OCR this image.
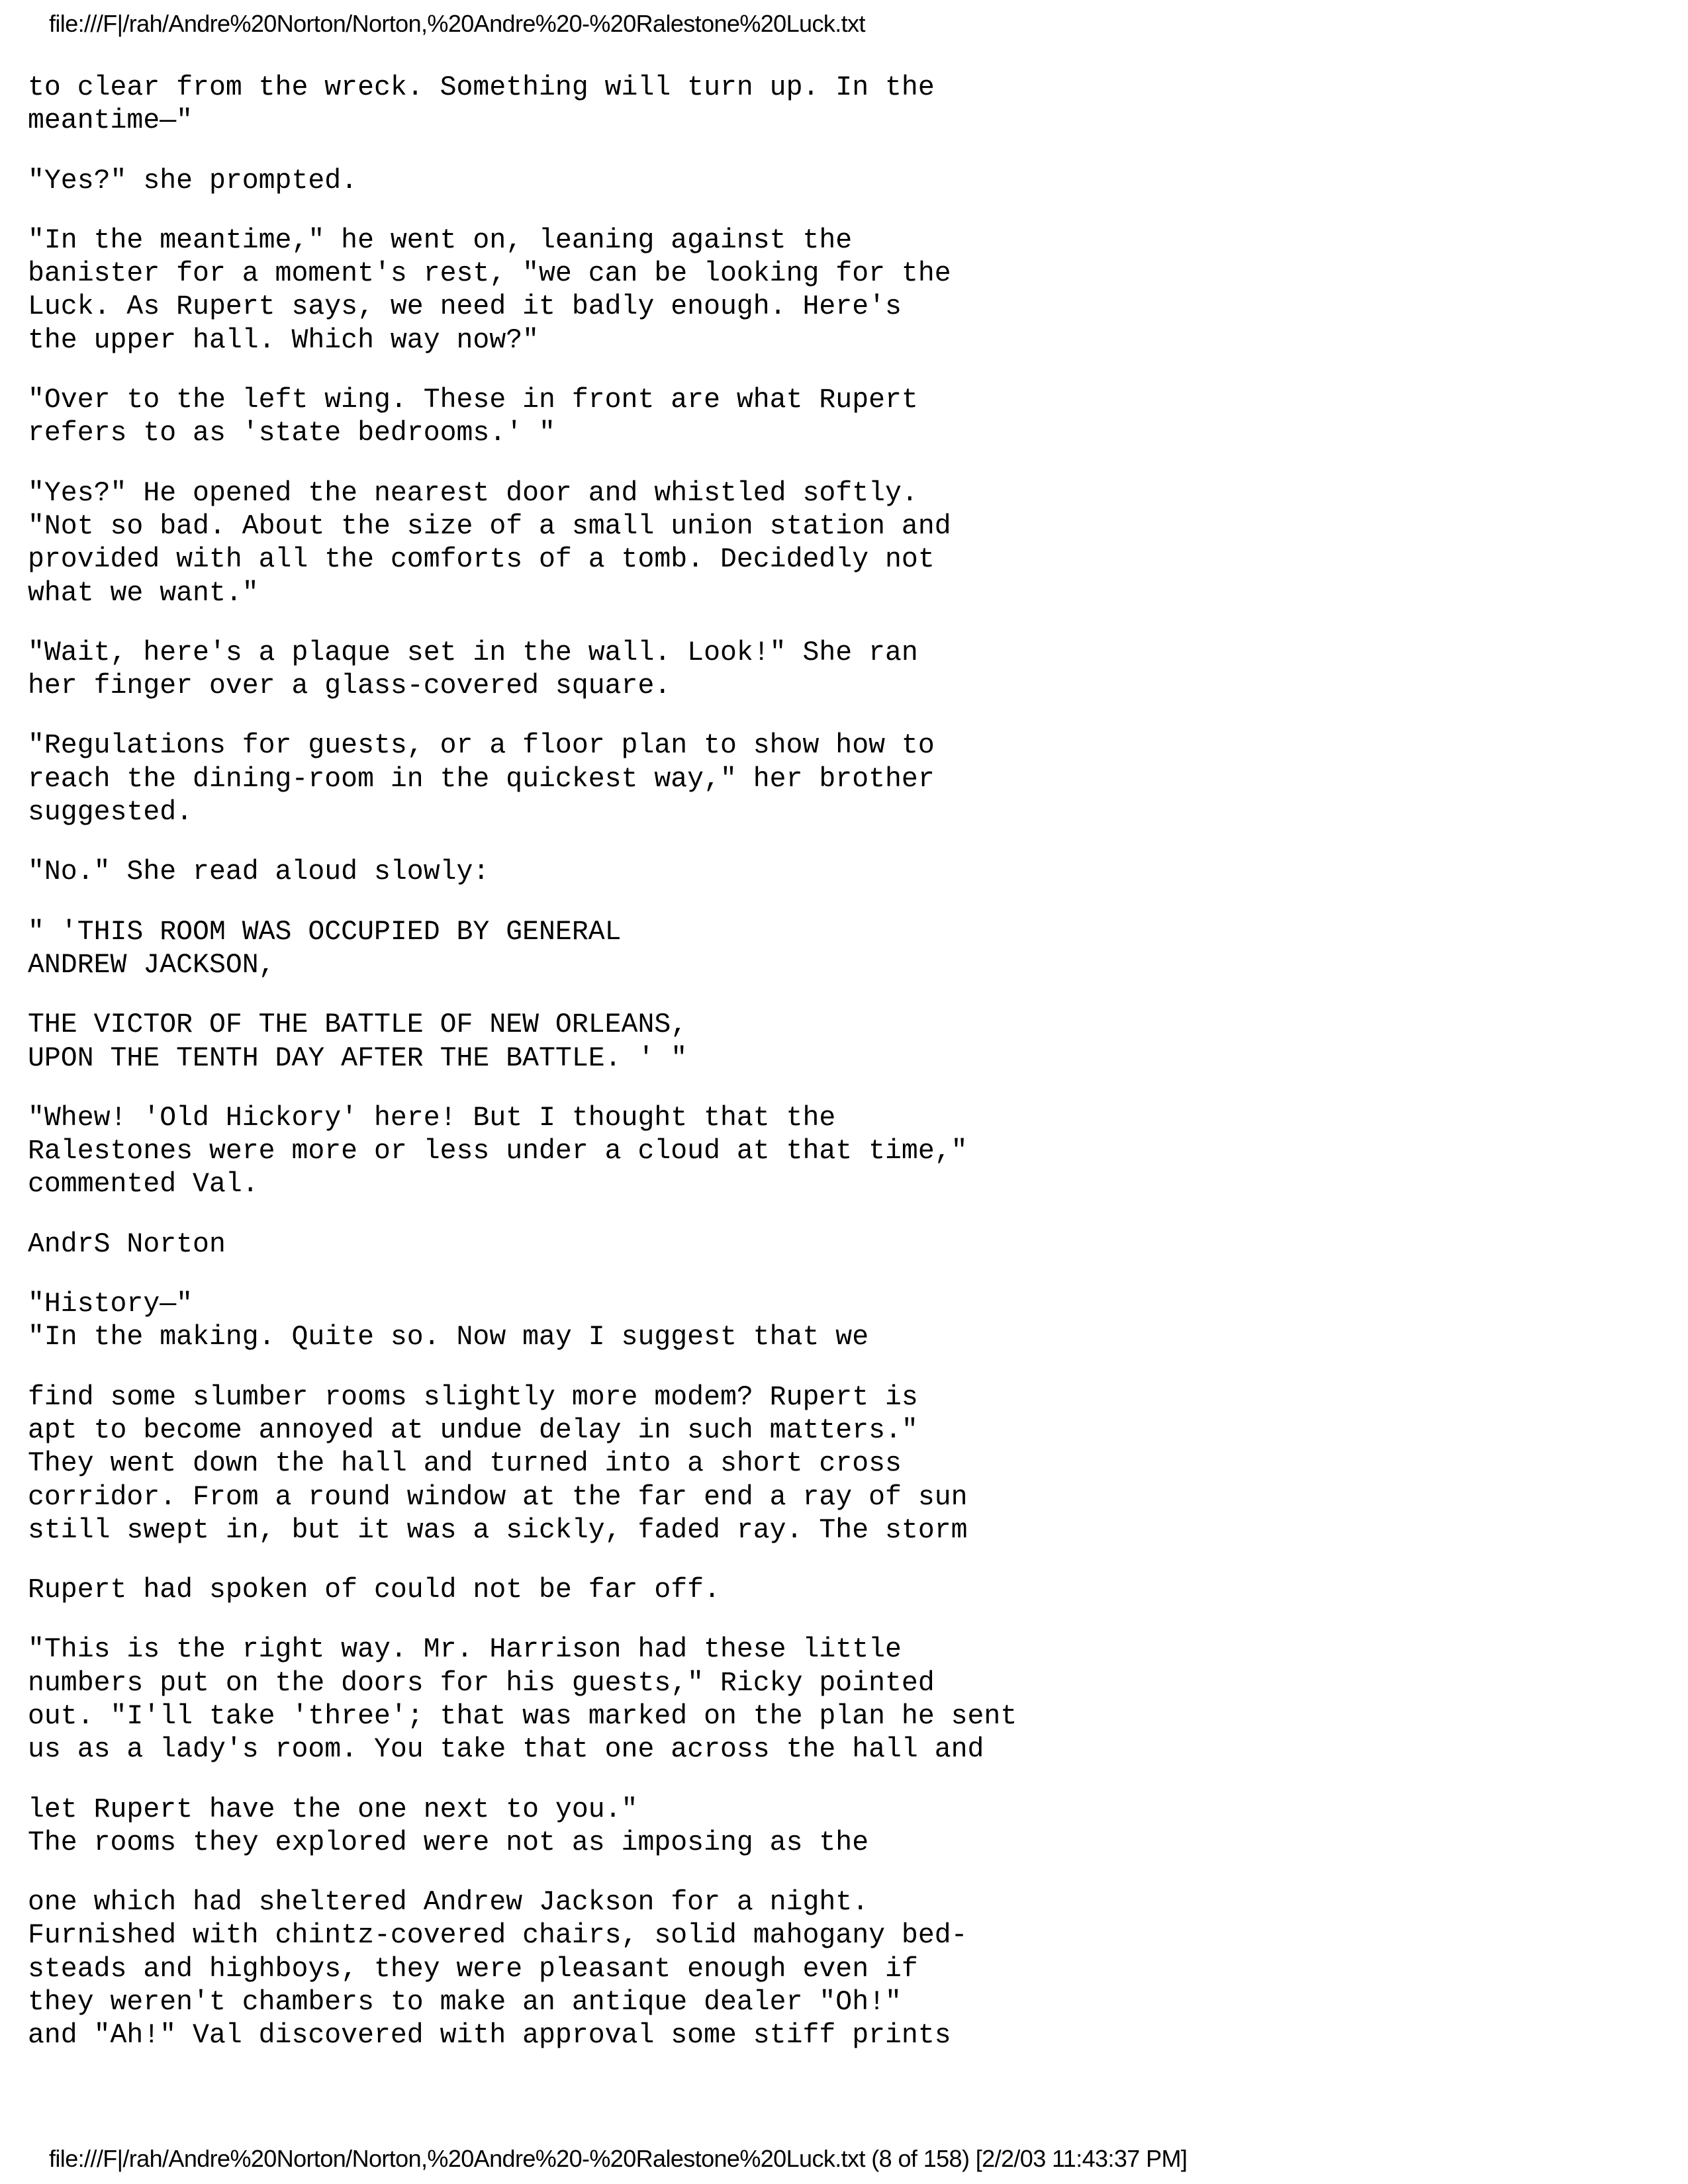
file:///F|/rah/Andre%20Norton/Norton,%20Andre%20-%20Ralestone%20Luck.txt
to clear from the wreck. Something will turn up. In the
meantime—"
"Yes?" she prompted.
"In the meantime," he went on, leaning against the
banister for a moment's rest, "we can be looking for the
Luck. As Rupert says, we need it badly enough. Here's
the upper hall. Which way now?"
"Over to the left wing. These in front are what Rupert
refers to as 'state bedrooms.' "
"Yes?" He opened the nearest door and whistled softly.
"Not so bad. About the size of a small union station and
provided with all the comforts of a tomb. Decidedly not
what we want."
"Wait, here's a plaque set in the wall. Look!" She ran
her finger over a glass-covered square.
"Regulations for guests, or a floor plan to show how to
reach the dining-room in the quickest way," her brother
suggested.
"No." She read aloud slowly:
" 'THIS ROOM WAS OCCUPIED BY GENERAL
ANDREW JACKSON,
THE VICTOR OF THE BATTLE OF NEW ORLEANS,
UPON THE TENTH DAY AFTER THE BATTLE. ' "
"Whew! 'Old Hickory' here! But I thought that the
Ralestones were more or less under a cloud at that time,"
commented Val.
AndrS Norton
"History—"
"In the making. Quite so. Now may I suggest that we
find some slumber rooms slightly more modem? Rupert is
apt to become annoyed at undue delay in such matters."
They went down the hall and turned into a short cross
corridor. From a round window at the far end a ray of sun
still swept in, but it was a sickly, faded ray. The storm
Rupert had spoken of could not be far off.
"This is the right way. Mr. Harrison had these little
numbers put on the doors for his guests," Ricky pointed
out. "I'll take 'three'; that was marked on the plan he sent
us as a lady's room. You take that one across the hall and
let Rupert have the one next to you."
The rooms they explored were not as imposing as the
one which had sheltered Andrew Jackson for a night.
Furnished with chintz-covered chairs, solid mahogany bed-
steads and highboys, they were pleasant enough even if
they weren't chambers to make an antique dealer "Oh!"
and "Ah!" Val discovered with approval some stiff prints
file:///F|/rah/Andre%20Norton/Norton,%20Andre%20-%20Ralestone%20Luck.txt (8 of 158) [2/2/03 11:43:37 PM]
